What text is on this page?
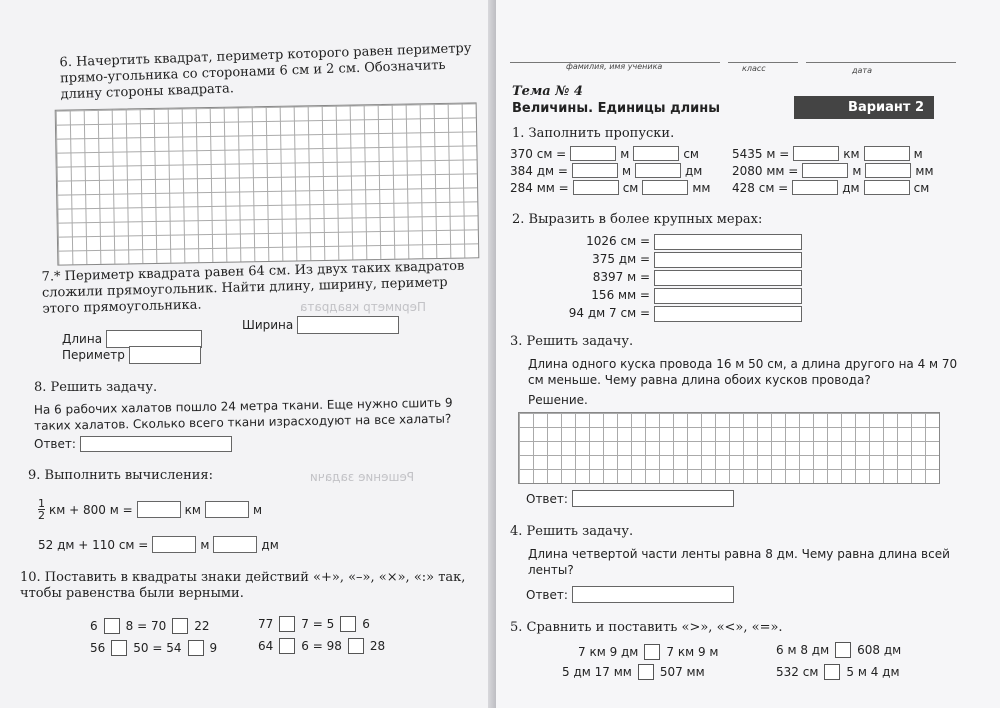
Периметр квадрата
Решение задачи
6. Начертить квадрат, периметр которого равен периметру прямо-угольника со сторонами 6 см и 2 см. Обозначить длину стороны квадрата.
7.* Периметр квадрата равен 64 см. Из двух таких квадратов сложили прямоугольник. Найти длину, ширину, периметр этого прямоугольника.
Длина
Ширина
Периметр
8. Решить задачу.
На 6 рабочих халатов пошло 24 метра ткани. Еще нужно сшить 9 таких халатов. Сколько всего ткани израсходуют на все халаты?
Ответ:
9. Выполнить вычисления:
$\frac{1}{2}$ км + 800 м =	км	м
52 дм + 110 см =	м	дм
10. Поставить в квадраты знаки действий «+», «–», «×», «:» так, чтобы равенства были верными.
6 8 = 70 22	77 7 = 5 6
56 50 = 54 9	64 6 = 98 28
фамилия, имя ученика	класс	дата
Тема № 4
Величины. Единицы длины	Вариант 2
1. Заполнить пропуски.
370 см =	м	см
384 дм =	м	дм
284 мм =	см	мм
5435 м =	км	м
2080 мм =	м	мм
428 см =	дм	см
2. Выразить в более крупных мерах:
1026 см =
375 дм =
8397 м =
156 мм =
94 дм 7 см =
3. Решить задачу.
Длина одного куска провода 16 м 50 см, а длина другого на 4 м 70 см меньше. Чему равна длина обоих кусков провода?
Решение.
Ответ:
4. Решить задачу.
Длина четвертой части ленты равна 8 дм. Чему равна длина всей ленты?
Ответ:
5. Сравнить и поставить «>», «<», «=».
7 км 9 дм 7 км 9 м	6 м 8 дм 608 дм
5 дм 17 мм 507 мм	532 см 5 м 4 дм
